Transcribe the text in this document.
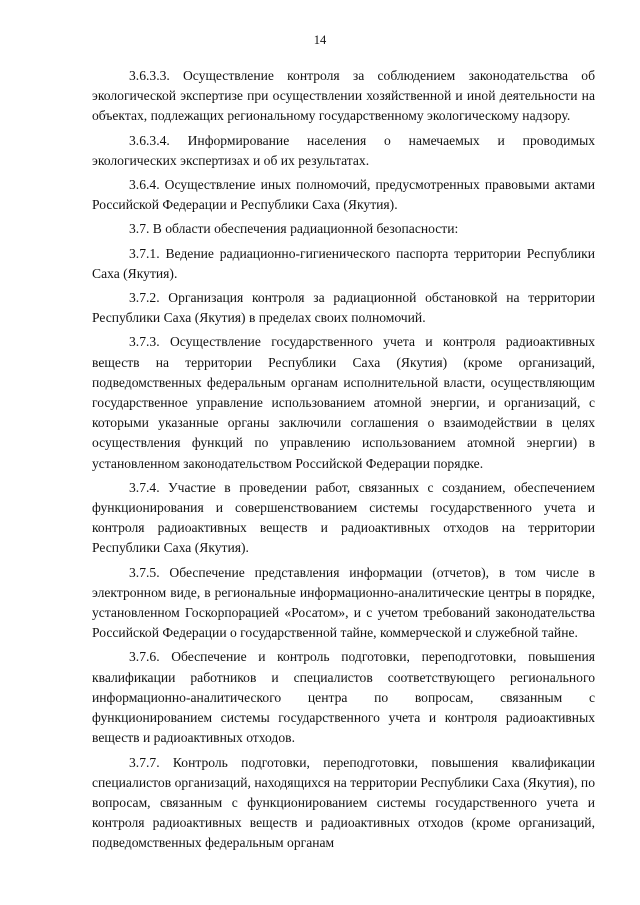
14

3.6.3.3. Осуществление контроля за соблюдением законодательства об экологической экспертизе при осуществлении хозяйственной и иной деятельности на объектах, подлежащих региональному государственному экологическому надзору.

3.6.3.4. Информирование населения о намечаемых и проводимых экологических экспертизах и об их результатах.

3.6.4. Осуществление иных полномочий, предусмотренных правовыми актами Российской Федерации и Республики Саха (Якутия).

3.7. В области обеспечения радиационной безопасности:

3.7.1. Ведение радиационно-гигиенического паспорта территории Республики Саха (Якутия).

3.7.2. Организация контроля за радиационной обстановкой на территории Республики Саха (Якутия) в пределах своих полномочий.

3.7.3. Осуществление государственного учета и контроля радиоактивных веществ на территории Республики Саха (Якутия) (кроме организаций, подведомственных федеральным органам исполнительной власти, осуществляющим государственное управление использованием атомной энергии, и организаций, с которыми указанные органы заключили соглашения о взаимодействии в целях осуществления функций по управлению использованием атомной энергии) в установленном законодательством Российской Федерации порядке.

3.7.4. Участие в проведении работ, связанных с созданием, обеспечением функционирования и совершенствованием системы государственного учета и контроля радиоактивных веществ и радиоактивных отходов на территории Республики Саха (Якутия).

3.7.5. Обеспечение представления информации (отчетов), в том числе в электронном виде, в региональные информационно-аналитические центры в порядке, установленном Госкорпорацией «Росатом», и с учетом требований законодательства Российской Федерации о государственной тайне, коммерческой и служебной тайне.

3.7.6. Обеспечение и контроль подготовки, переподготовки, повышения квалификации работников и специалистов соответствующего регионального информационно-аналитического центра по вопросам, связанным с функционированием системы государственного учета и контроля радиоактивных веществ и радиоактивных отходов.

3.7.7. Контроль подготовки, переподготовки, повышения квалификации специалистов организаций, находящихся на территории Республики Саха (Якутия), по вопросам, связанным с функционированием системы государственного учета и контроля радиоактивных веществ и радиоактивных отходов (кроме организаций, подведомственных федеральным органам
